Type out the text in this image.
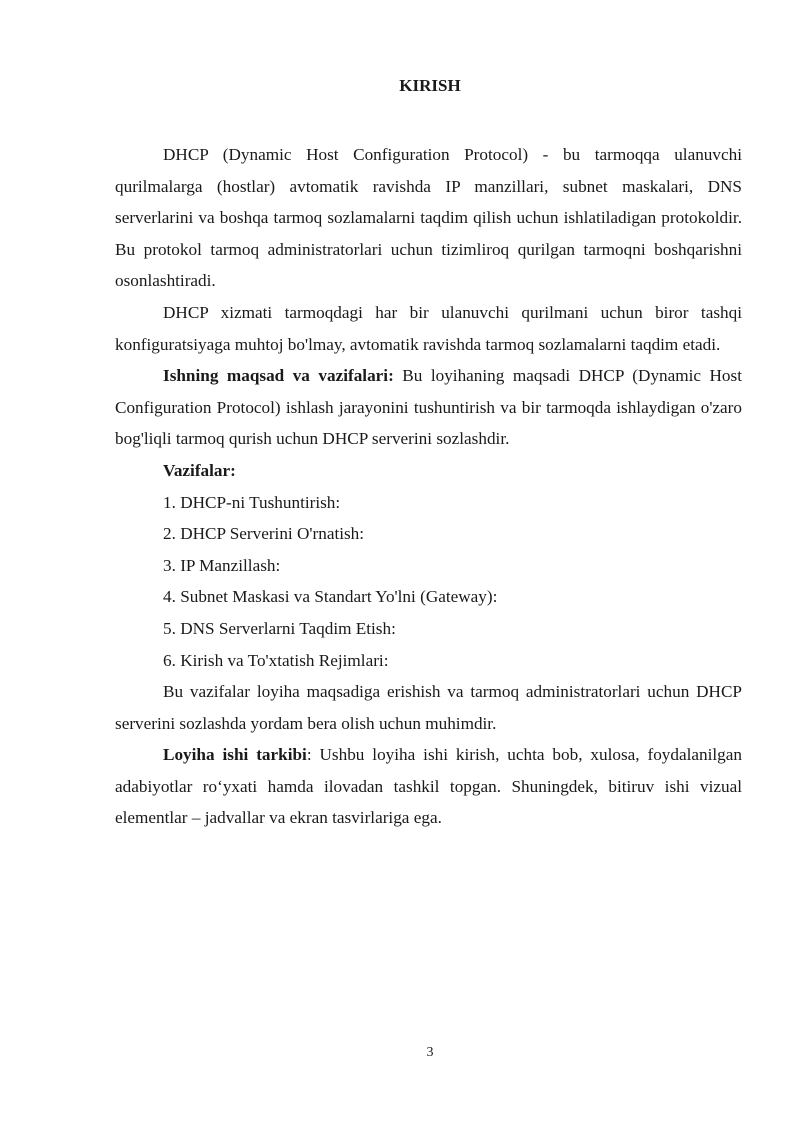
KIRISH

DHCP (Dynamic Host Configuration Protocol) - bu tarmoqqa ulanuvchi qurilmalarga (hostlar) avtomatik ravishda IP manzillari, subnet maskalari, DNS serverlarini va boshqa tarmoq sozlamalarni taqdim qilish uchun ishlatiladigan protokoldir. Bu protokol tarmoq administratorlari uchun tizimliroq qurilgan tarmoqni boshqarishni osonlashtiradi.

DHCP xizmati tarmoqdagi har bir ulanuvchi qurilmani uchun biror tashqi konfiguratsiyaga muhtoj bo'lmay, avtomatik ravishda tarmoq sozlamalarni taqdim etadi.

Ishning maqsad va vazifalari: Bu loyihaning maqsadi DHCP (Dynamic Host Configuration Protocol) ishlash jarayonini tushuntirish va bir tarmoqda ishlaydigan o'zaro bog'liqli tarmoq qurish uchun DHCP serverini sozlashdir.

Vazifalar:

1. DHCP-ni Tushuntirish:

2. DHCP Serverini O'rnatish:

3. IP Manzillash:

4. Subnet Maskasi va Standart Yo'lni (Gateway):

5. DNS Serverlarni Taqdim Etish:

6. Kirish va To'xtatish Rejimlari:

Bu vazifalar loyiha maqsadiga erishish va tarmoq administratorlari uchun DHCP serverini sozlashda yordam bera olish uchun muhimdir.

Loyiha ishi tarkibi: Ushbu loyiha ishi kirish, uchta bob, xulosa, foydalanilgan adabiyotlar ro‘yxati hamda ilovadan tashkil topgan. Shuningdek, bitiruv ishi vizual elementlar – jadvallar va ekran tasvirlariga ega.

3
